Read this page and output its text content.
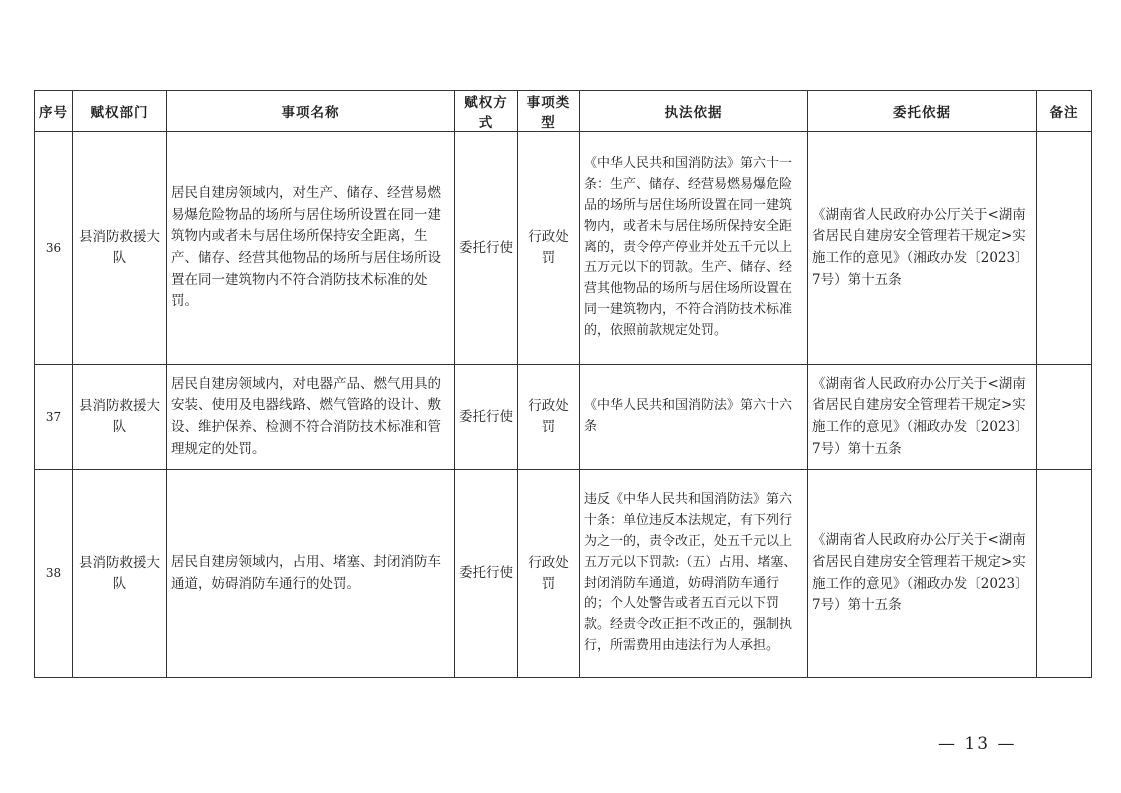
序号	赋权部门	事项名称	赋权方式	事项类型	执法依据	委托依据	备注
36	县消防救援大队	居民自建房领域内，对生产、储存、经营易燃易爆危险物品的场所与居住场所设置在同一建筑物内或者未与居住场所保持安全距离，生产、储存、经营其他物品的场所与居住场所设置在同一建筑物内不符合消防技术标准的处罚。	委托行使	行政处罚	《中华人民共和国消防法》第六十一条：生产、储存、经营易燃易爆危险品的场所与居住场所设置在同一建筑物内，或者未与居住场所保持安全距离的，责令停产停业并处五千元以上五万元以下的罚款。生产、储存、经营其他物品的场所与居住场所设置在同一建筑物内，不符合消防技术标准的，依照前款规定处罚。	《湖南省人民政府办公厅关于<湖南省居民自建房安全管理若干规定>实施工作的意见》（湘政办发〔2023〕7号）第十五条	
37	县消防救援大队	居民自建房领域内，对电器产品、燃气用具的安装、使用及电器线路、燃气管路的设计、敷设、维护保养、检测不符合消防技术标准和管理规定的处罚。	委托行使	行政处罚	《中华人民共和国消防法》第六十六条	《湖南省人民政府办公厅关于<湖南省居民自建房安全管理若干规定>实施工作的意见》（湘政办发〔2023〕7号）第十五条	
38	县消防救援大队	居民自建房领域内，占用、堵塞、封闭消防车通道，妨碍消防车通行的处罚。	委托行使	行政处罚	违反《中华人民共和国消防法》第六十条：单位违反本法规定，有下列行为之一的，责令改正，处五千元以上五万元以下罚款:（五）占用、堵塞、封闭消防车通道，妨碍消防车通行的；个人处警告或者五百元以下罚款。经责令改正拒不改正的，强制执行，所需费用由违法行为人承担。	《湖南省人民政府办公厅关于<湖南省居民自建房安全管理若干规定>实施工作的意见》（湘政办发〔2023〕7号）第十五条	
— 13 —
